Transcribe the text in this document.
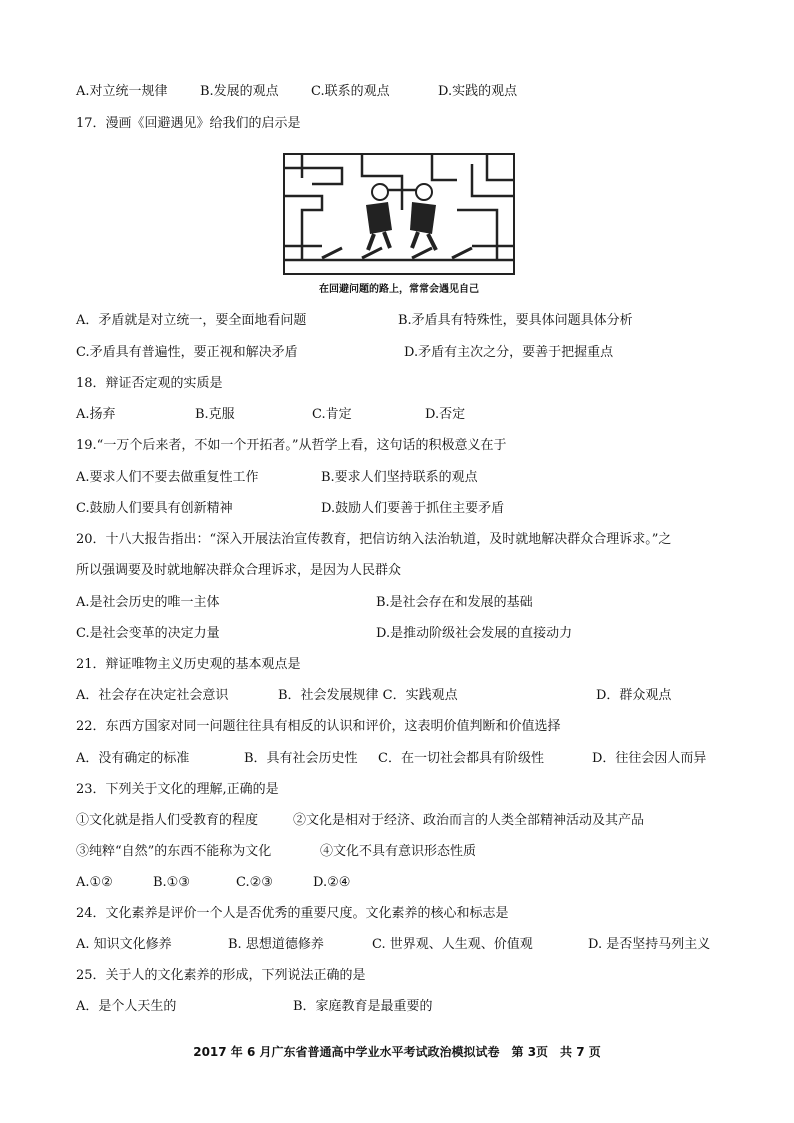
A.对立统一规律 B.发展的观点 C.联系的观点	D.实践的观点
17．漫画《回避遇见》给我们的启示是
在回避问题的路上，常常会遇见自己
A．矛盾就是对立统一，要全面地看问题	B.矛盾具有特殊性，要具体问题具体分析
C.矛盾具有普遍性，要正视和解决矛盾	D.矛盾有主次之分，要善于把握重点
18．辩证否定观的实质是
A.扬弃	B.克服	C.肯定	D.否定
19.“一万个后来者，不如一个开拓者。”从哲学上看，这句话的积极意义在于
A.要求人们不要去做重复性工作	B.要求人们坚持联系的观点
C.鼓励人们要具有创新精神	D.鼓励人们要善于抓住主要矛盾
20．十八大报告指出：“深入开展法治宣传教育，把信访纳入法治轨道，及时就地解决群众合理诉求。”之
所以强调要及时就地解决群众合理诉求，是因为人民群众
A.是社会历史的唯一主体	B.是社会存在和发展的基础
C.是社会变革的决定力量	D.是推动阶级社会发展的直接动力
21．辩证唯物主义历史观的基本观点是
A．社会存在决定社会意识	B．社会发展规律 C．实践观点	D．群众观点
22．东西方国家对同一问题往往具有相反的认识和评价，这表明价值判断和价值选择
A．没有确定的标准	B．具有社会历史性 C．在一切社会都具有阶级性	D．往往会因人而异
23．下列关于文化的理解,正确的是
①文化就是指人们受教育的程度	②文化是相对于经济、政治而言的人类全部精神活动及其产品
③纯粹“自然”的东西不能称为文化	④文化不具有意识形态性质
A.①②	B.①③	C.②③	D.②④
24．文化素养是评价一个人是否优秀的重要尺度。文化素养的核心和标志是
A. 知识文化修养	B. 思想道德修养	C. 世界观、人生观、价值观	D. 是否坚持马列主义
25．关于人的文化素养的形成，下列说法正确的是
A．是个人天生的	B．家庭教育是最重要的
2017 年 6 月广东省普通高中学业水平考试政治模拟试卷　第 3页　共 7 页
